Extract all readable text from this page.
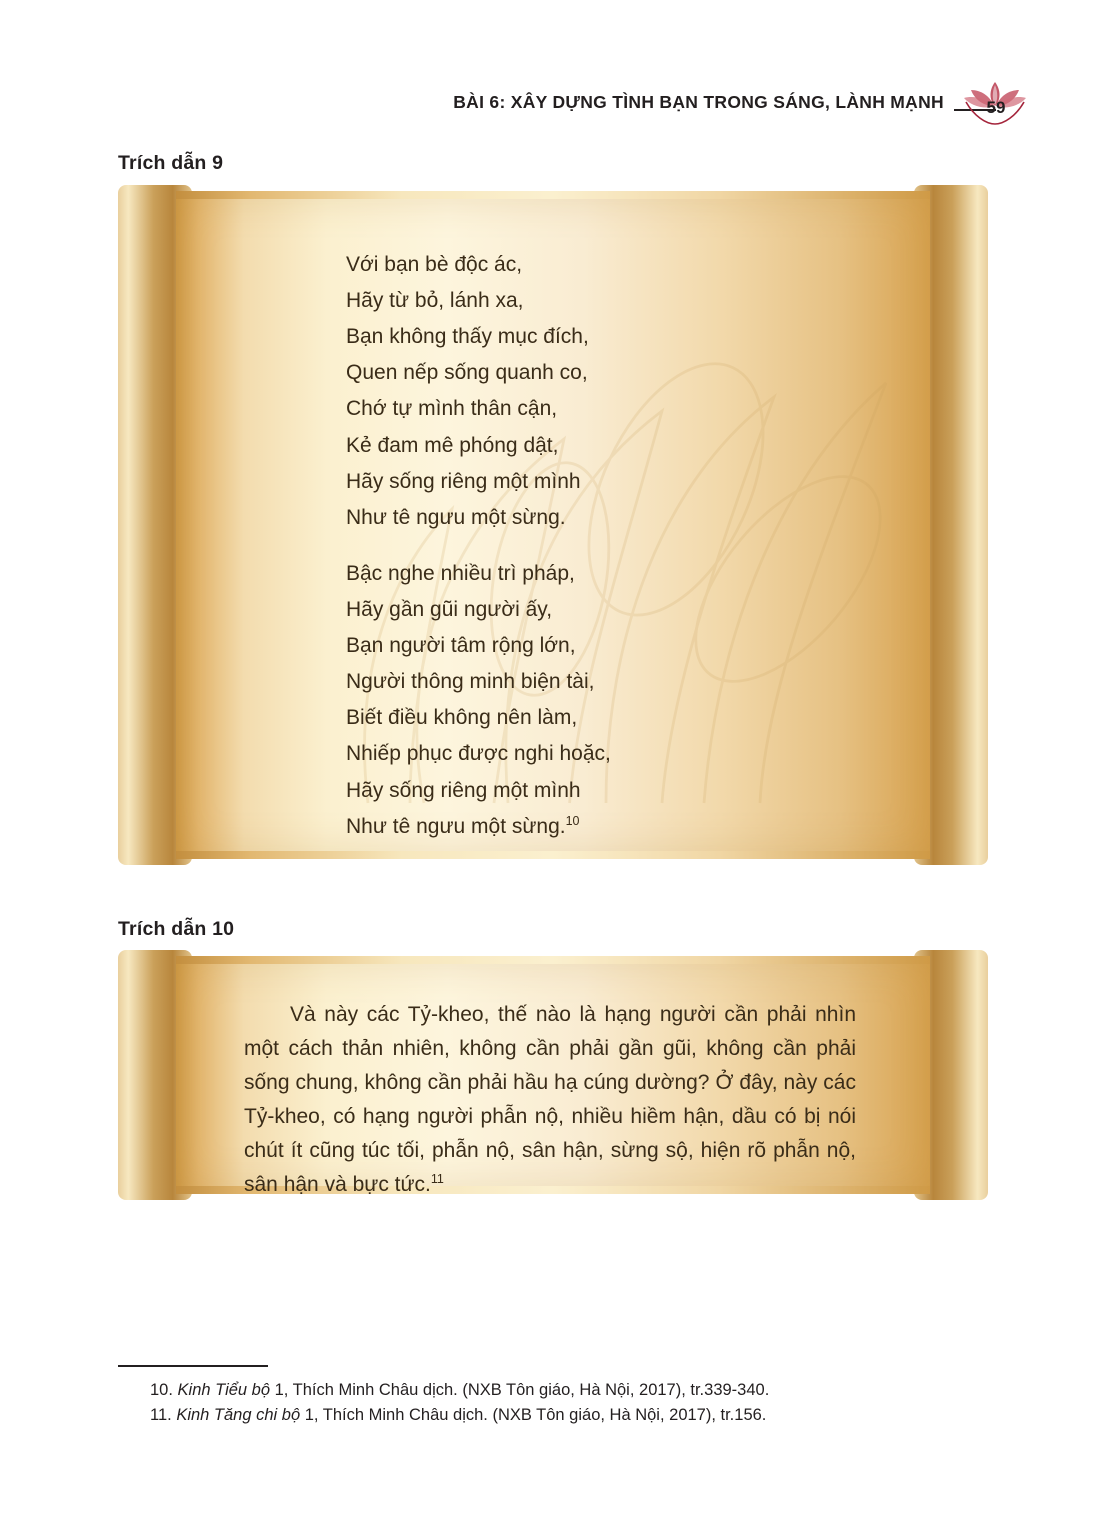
BÀI 6: XÂY DỰNG TÌNH BẠN TRONG SÁNG, LÀNH MẠNH	59
Trích dẫn 9
Với bạn bè độc ác,
Hãy từ bỏ, lánh xa,
Bạn không thấy mục đích,
Quen nếp sống quanh co,
Chớ tự mình thân cận,
Kẻ đam mê phóng dật,
Hãy sống riêng một mình
Như tê ngưu một sừng.
Bậc nghe nhiều trì pháp,
Hãy gần gũi người ấy,
Bạn người tâm rộng lớn,
Người thông minh biện tài,
Biết điều không nên làm,
Nhiếp phục được nghi hoặc,
Hãy sống riêng một mình
Như tê ngưu một sừng.$^{10}$
Trích dẫn 10

Và này các Tỷ-kheo, thế nào là hạng người cần phải nhìn một cách thản nhiên, không cần phải gần gũi, không cần phải sống chung, không cần phải hầu hạ cúng dường? Ở đây, này các Tỷ-kheo, có hạng người phẫn nộ, nhiều hiềm hận, dầu có bị nói chút ít cũng túc tối, phẫn nộ, sân hận, sừng sộ, hiện rõ phẫn nộ, sân hận và bực tức.$^{11}$

10. Kinh Tiểu bộ 1, Thích Minh Châu dịch. (NXB Tôn giáo, Hà Nội, 2017), tr.339-340.
11. Kinh Tăng chi bộ 1, Thích Minh Châu dịch. (NXB Tôn giáo, Hà Nội, 2017), tr.156.
